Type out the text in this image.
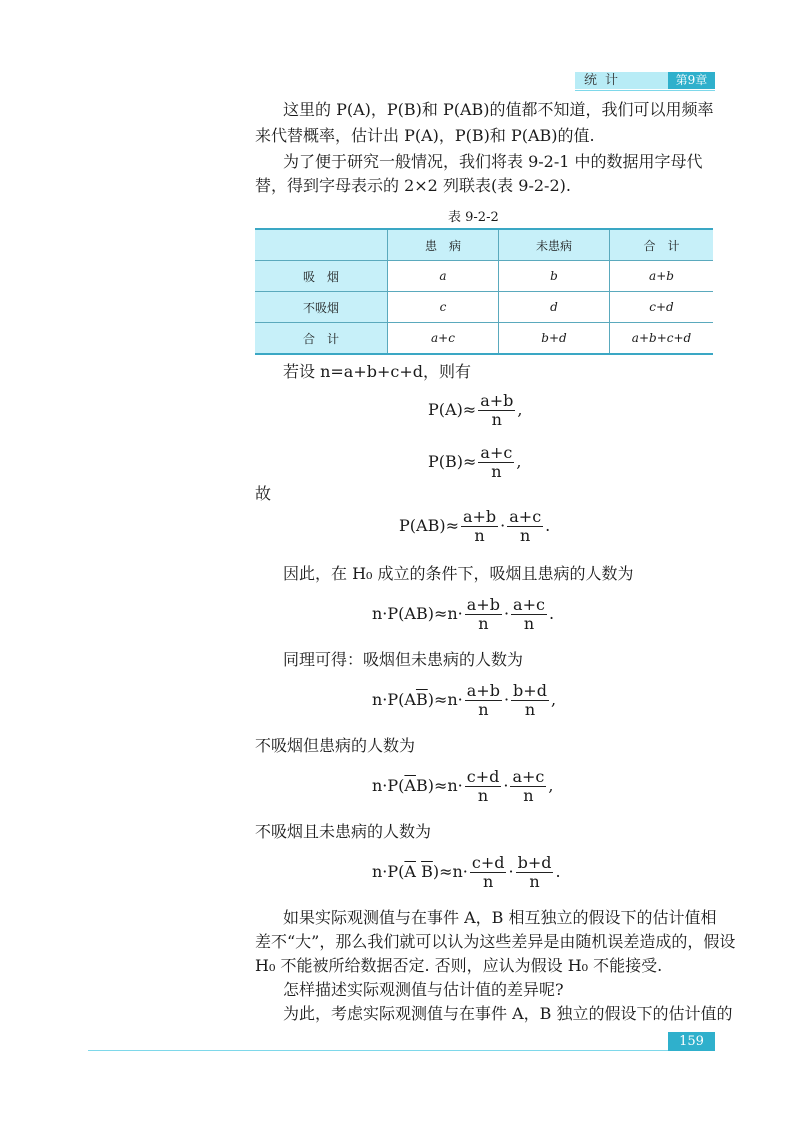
统计	第9章
这里的 P(A)，P(B)和 P(AB)的值都不知道，我们可以用频率
来代替概率，估计出 P(A)，P(B)和 P(AB)的值.
为了便于研究一般情况，我们将表 9-2-1 中的数据用字母代
替，得到字母表示的 2×2 列联表(表 9-2-2).
表 9-2-2
	患　病	未患病	合　计
吸　烟	a	b	a+b
不吸烟	c	d	c+d
合　计	a+c	b+d	a+b+c+d
若设 n=a+b+c+d，则有
$P(A)\approx \frac{a+b}{n}$ ,
$P(B)\approx \frac{a+c}{n}$ ,
故
$P(AB)\approx \frac{a+b}{n} \cdot \frac{a+c}{n}$ .
因此，在 H₀ 成立的条件下，吸烟且患病的人数为
$n\cdot P(AB)\approx n\cdot \frac{a+b}{n} \cdot \frac{a+c}{n}$ .
同理可得：吸烟但未患病的人数为
$n\cdot P(A\overline{B})\approx n\cdot \frac{a+b}{n} \cdot \frac{b+d}{n}$ ,
不吸烟但患病的人数为
$n\cdot P(\overline{A}B)\approx n\cdot \frac{c+d}{n} \cdot \frac{a+c}{n}$ ,
不吸烟且未患病的人数为
$n\cdot P(\overline{A}$ $\overline{B})\approx n\cdot \frac{c+d}{n} \cdot \frac{b+d}{n}$ .
如果实际观测值与在事件 A，B 相互独立的假设下的估计值相
差不“大”，那么我们就可以认为这些差异是由随机误差造成的，假设
H₀ 不能被所给数据否定. 否则，应认为假设 H₀ 不能接受.
怎样描述实际观测值与估计值的差异呢?
为此，考虑实际观测值与在事件 A，B 独立的假设下的估计值的
159
